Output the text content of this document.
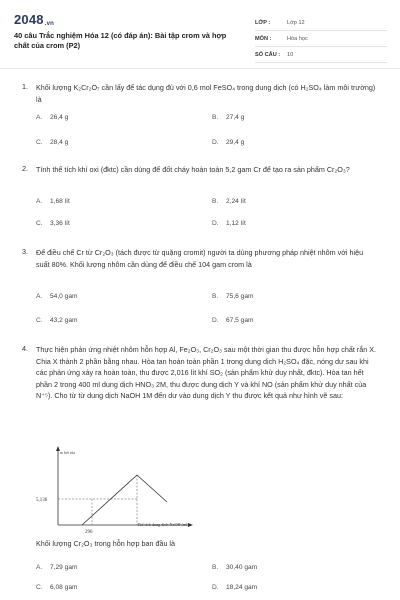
2048.vn
40 câu Trắc nghiệm Hóa 12 (có đáp án): Bài tập crom và hợp chất của crom (P2)
LỚP :	Lớp 12
MÔN :	Hóa học
SỐ CÂU :	10
1. Khối lượng K₂Cr₂O₇ cần lấy để tác dụng đủ với 0,6 mol FeSO₄ trong dung dịch (có H₂SO₄ làm môi trường) là
A. 26,4 g	B. 27,4 g
C. 28,4 g	D. 29,4 g
2. Tính thể tích khí oxi (đktc) cần dùng để đốt cháy hoàn toàn 5,2 gam Cr để tạo ra sản phẩm Cr₂O₃?
A. 1,68 lít	B. 2,24 lít
C. 3,36 lít	D. 1,12 lít
3. Để điều chế Cr từ Cr₂O₃ (tách được từ quặng cromit) người ta dùng phương pháp nhiệt nhôm với hiệu suất 80%. Khối lượng nhôm cần dùng để điều chế 104 gam crom là
A. 54,0 gam	B. 75,6 gam
C. 43,2 gam	D. 67,5 gam
4. Thực hiện phản ứng nhiệt nhôm hỗn hợp Al, Fe₂O₃, Cr₂O₃ sau một thời gian thu được hỗn hợp chất rắn X. Chia X thành 2 phần bằng nhau. Hòa tan hoàn toàn phần 1 trong dung dịch H₂SO₄ đặc, nóng dư sau khi các phản ứng xảy ra hoàn toàn, thu được 2,016 lít khí SO₂ (sản phẩm khử duy nhất, đktc). Hòa tan hết phần 2 trong 400 ml dung dịch HNO₃ 2M, thu được dung dịch Y và khí NO (sản phẩm khử duy nhất của N⁺⁵). Cho từ từ dung dịch NaOH 1M đến dư vào dung dịch Y thu được kết quả như hình vẽ sau:
m kết tủa
5,136
296
Thể tích dung dịch NaOH (ml)
Khối lượng Cr₂O₃ trong hỗn hợp ban đầu là
A. 7,29 gam	B. 30,40 gam
C. 6,08 gam	D. 18,24 gam
